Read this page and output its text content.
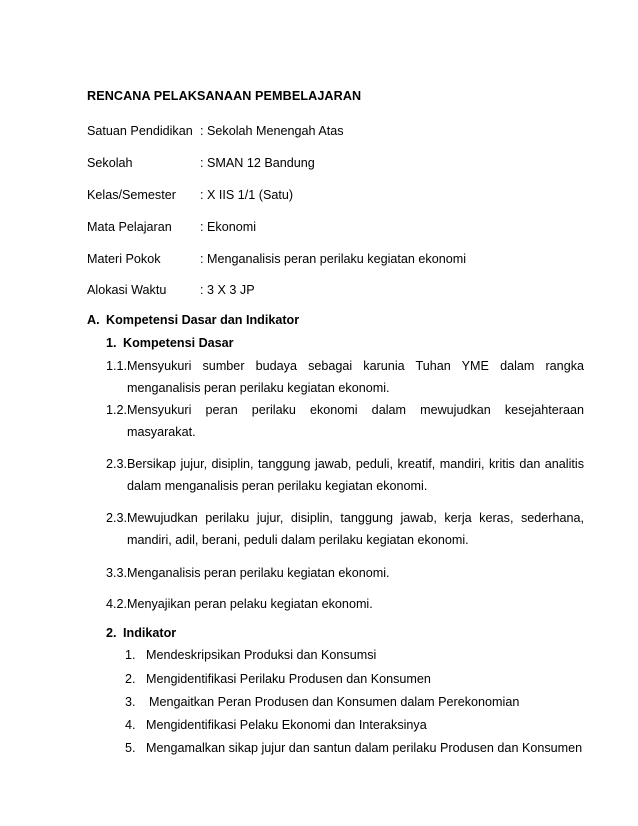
RENCANA PELAKSANAAN PEMBELAJARAN
Satuan Pendidikan : Sekolah Menengah Atas
Sekolah	: SMAN 12 Bandung
Kelas/Semester : X IIS 1/1 (Satu)
Mata Pelajaran : Ekonomi
Materi Pokok	: Menganalisis peran perilaku kegiatan ekonomi
Alokasi Waktu	: 3 X 3 JP
A. Kompetensi Dasar dan Indikator
1. Kompetensi Dasar
1.1. Mensyukuri sumber budaya sebagai karunia Tuhan YME dalam rangka
menganalisis peran perilaku kegiatan ekonomi.
1.2. Mensyukuri peran perilaku ekonomi dalam mewujudkan kesejahteraan
masyarakat.
2.3. Bersikap jujur, disiplin, tanggung jawab, peduli, kreatif, mandiri, kritis dan analitis
dalam menganalisis peran perilaku kegiatan ekonomi.
2.3. Mewujudkan perilaku jujur, disiplin, tanggung jawab, kerja keras, sederhana,
mandiri, adil, berani, peduli dalam perilaku kegiatan ekonomi.
3.3. Menganalisis peran perilaku kegiatan ekonomi.
4.2. Menyajikan peran pelaku kegiatan ekonomi.
2. Indikator
1. Mendeskripsikan Produksi dan Konsumsi
2. Mengidentifikasi Perilaku Produsen dan Konsumen
3. Mengaitkan Peran Produsen dan Konsumen dalam Perekonomian
4. Mengidentifikasi Pelaku Ekonomi dan Interaksinya
5. Mengamalkan sikap jujur dan santun dalam perilaku Produsen dan Konsumen
